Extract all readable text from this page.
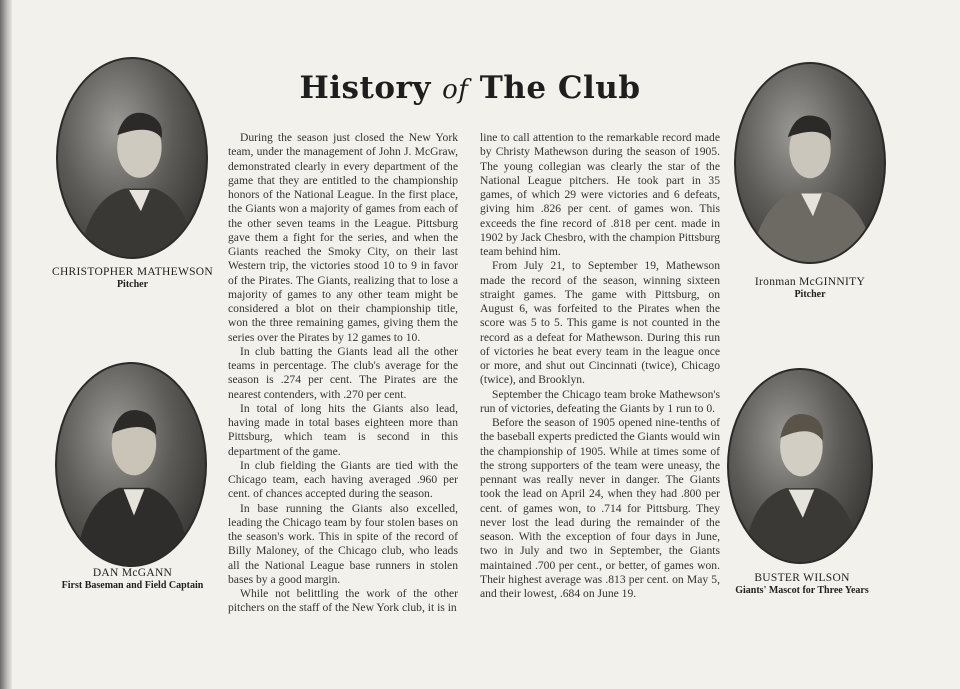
History of The Club
CHRISTOPHER MATHEWSON
Pitcher
DAN McGANN
First Baseman and Field Captain
Ironman McGINNITY
Pitcher
BUSTER WILSON
Giants' Mascot for Three Years

During the season just closed the New York team, under the management of John J. McGraw, demonstrated clearly in every department of the game that they are entitled to the championship honors of the National League. In the first place, the Giants won a majority of games from each of the other seven teams in the League. Pittsburg gave them a fight for the series, and when the Giants reached the Smoky City, on their last Western trip, the victories stood 10 to 9 in favor of the Pirates. The Giants, realizing that to lose a majority of games to any other team might be considered a blot on their championship title, won the three remaining games, giving them the series over the Pirates by 12 games to 10.

In club batting the Giants lead all the other teams in percentage. The club's average for the season is .274 per cent. The Pirates are the nearest contenders, with .270 per cent.

In total of long hits the Giants also lead, having made in total bases eighteen more than Pittsburg, which team is second in this department of the game.

In club fielding the Giants are tied with the Chicago team, each having averaged .960 per cent. of chances accepted during the season.

In base running the Giants also excelled, leading the Chicago team by four stolen bases on the season's work. This in spite of the record of Billy Maloney, of the Chicago club, who leads all the National League base runners in stolen bases by a good margin.

While not belittling the work of the other pitchers on the staff of the New York club, it is in

line to call attention to the remarkable record made by Christy Mathewson during the season of 1905. The young collegian was clearly the star of the National League pitchers. He took part in 35 games, of which 29 were victories and 6 defeats, giving him .826 per cent. of games won. This exceeds the fine record of .818 per cent. made in 1902 by Jack Chesbro, with the champion Pittsburg team behind him.

From July 21, to September 19, Mathewson made the record of the season, winning sixteen straight games. The game with Pittsburg, on August 6, was forfeited to the Pirates when the score was 5 to 5. This game is not counted in the record as a defeat for Mathewson. During this run of victories he beat every team in the league once or more, and shut out Cincinnati (twice), Chicago (twice), and Brooklyn.

September the Chicago team broke Mathewson's run of victories, defeating the Giants by 1 run to 0.

Before the season of 1905 opened nine-tenths of the baseball experts predicted the Giants would win the championship of 1905. While at times some of the strong supporters of the team were uneasy, the pennant was really never in danger. The Giants took the lead on April 24, when they had .800 per cent. of games won, to .714 for Pittsburg. They never lost the lead during the remainder of the season. With the exception of four days in June, two in July and two in September, the Giants maintained .700 per cent., or better, of games won. Their highest average was .813 per cent. on May 5, and their lowest, .684 on June 19.
